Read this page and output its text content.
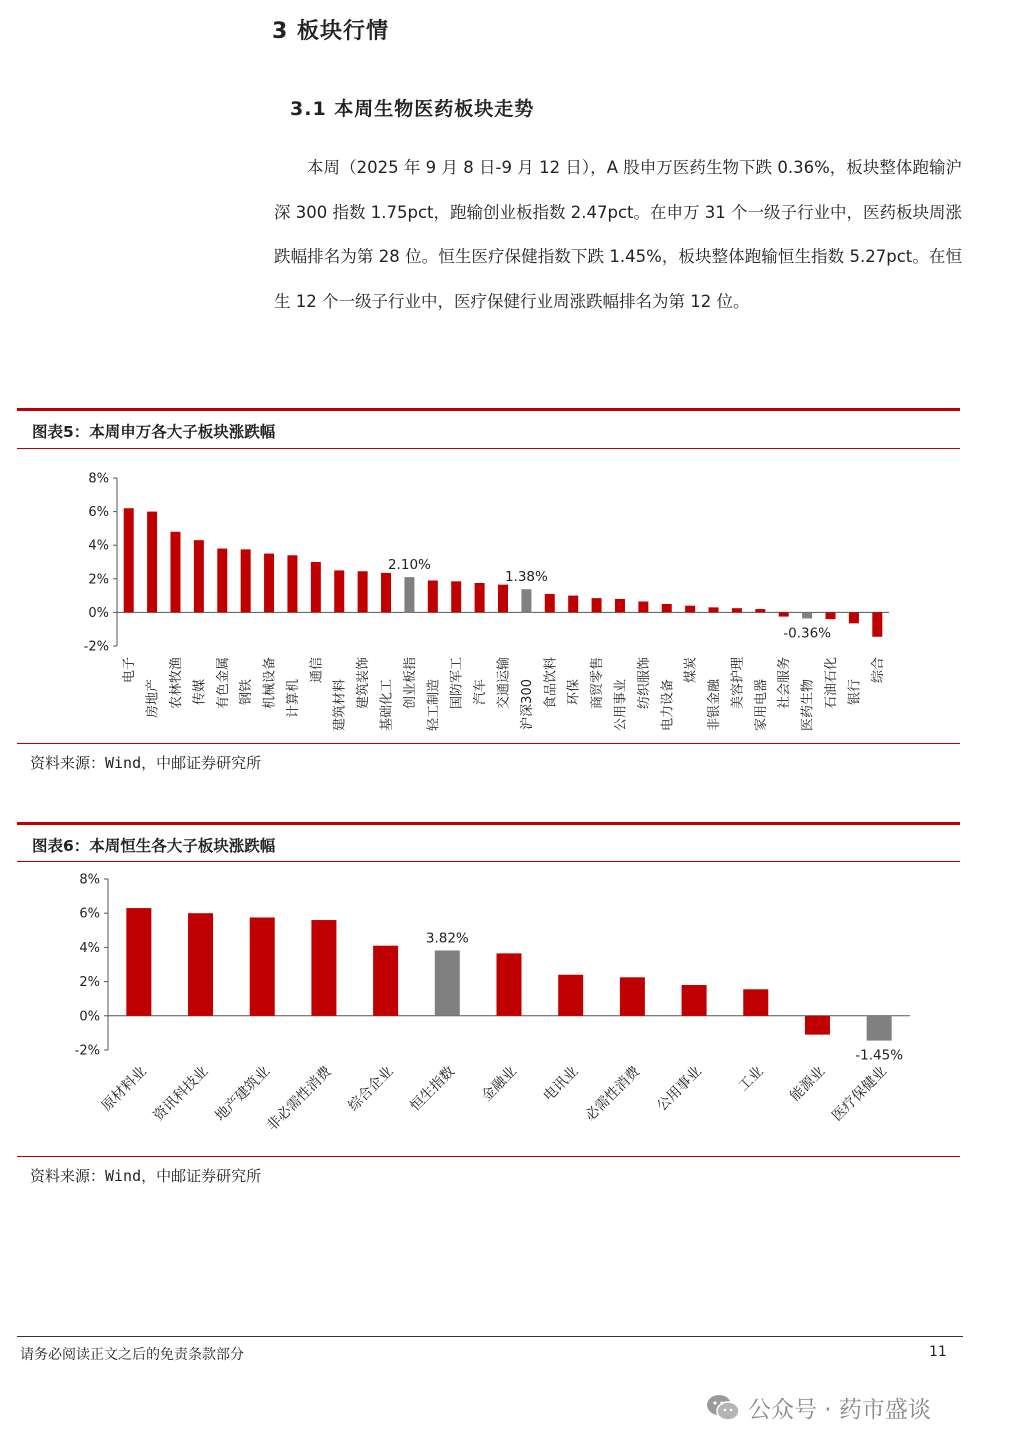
3 板块行情
3.1 本周生物医药板块走势

本周（2025 年 9 月 8 日-9 月 12 日），A 股申万医药生物下跌 0.36%，板块整体跑输沪深 300 指数 1.75pct，跑输创业板指数 2.47pct。在申万 31 个一级子行业中，医药板块周涨跌幅排名为第 28 位。恒生医疗保健指数下跌 1.45%，板块整体跑输恒生指数 5.27pct。在恒生 12 个一级子行业中，医疗保健行业周涨跌幅排名为第 12 位。

图表5：本周申万各大子板块涨跌幅
8%
6%
4%
2%
0%
-2%
电子
房地产 农林牧渔 传媒 有色金属 钢铁 机械设备 计算机
通信
建筑材料 建筑装饰 基础化工 创业板指 轻工制造 国防军工 汽车 交通运输 沪深300 食品饮料 环保 商贸零售 公用事业 纺织服饰 电力设备
煤炭
非银金融 美容护理 家用电器 社会服务 医药生物 石油石化 银行
综合
2.10%
1.38%
-0.36%
资料来源：Wind，中邮证券研究所
图表6：本周恒生各大子板块涨跌幅
8%
6%
4%
2%
0%
-2%
原材料业 资讯科技业 地产建筑业
非必需性消费 综合企业 恒生指数 金融业 电讯业 必需性消费 公用事业 工业 能源业 医疗保健业
3.82%
-1.45%
资料来源：Wind，中邮证券研究所
请务必阅读正文之后的免责条款部分	11
公众号 · 药市盛谈
